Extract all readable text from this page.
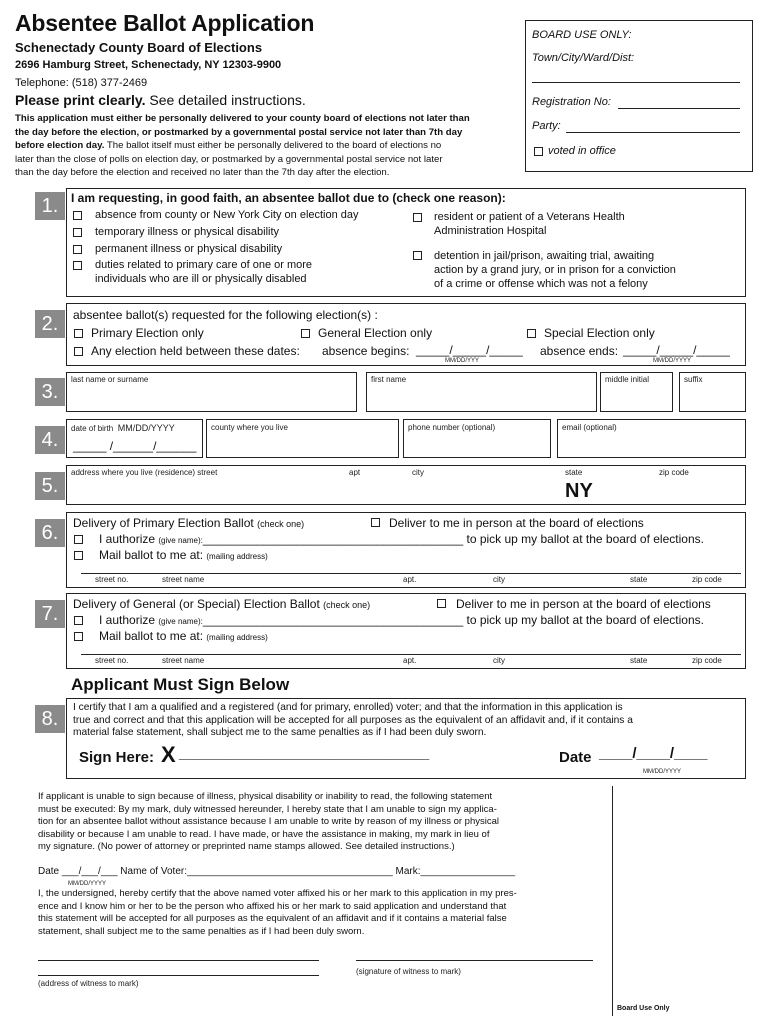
Absentee Ballot Application
Schenectady County Board of Elections
2696 Hamburg Street, Schenectady, NY 12303-9900
Telephone: (518) 377-2469
Please print clearly. See detailed instructions.
This application must either be personally delivered to your county board of elections not later than
the day before the election, or postmarked by a governmental postal service not later than 7th day
before election day. The ballot itself must either be personally delivered to the board of elections no
later than the close of polls on election day, or postmarked by a governmental postal service not later
than the day before the election and received no later than the 7th day after the election.
BOARD USE ONLY:
Town/City/Ward/Dist:
Registration No:
Party:
voted in office
1.	I am requesting, in good faith, an absentee ballot due to (check one reason):
absence from county or New York City on election day
temporary illness or physical disability
permanent illness or physical disability
duties related to primary care of one or more
individuals who are ill or physically disabled
resident or patient of a Veterans Health
Administration Hospital
detention in jail/prison, awaiting trial, awaiting
action by a grand jury, or in prison for a conviction
of a crime or offense which was not a felony
2.	absentee ballot(s) requested for the following election(s) :
Primary Election only	General Election only	Special Election only
Any election held between these dates: absence begins: _____/_____/_____
MM/DD/YYY
absence ends: _____/_____/_____
MM/DD/YYYY
3.
last name or surname	first name	middle initial	suffix
4.	date of birth MM/DD/YYYY
_____ /______/______
county where you live	phone number (optional)	email (optional)
5.
address where you live (residence) street	apt	city	state	zip code
NY
6.	Delivery of Primary Election Ballot (check one)	Deliver to me in person at the board of elections
I authorize (give name):_______________________________________ to pick up my ballot at the board of elections.
Mail ballot to me at: (mailing address)
street no.	street name	apt.	city	state	zip code
7.	Delivery of General (or Special) Election Ballot (check one)	Deliver to me in person at the board of elections
I authorize (give name):_______________________________________ to pick up my ballot at the board of elections.
Mail ballot to me at: (mailing address)
street no.	street name	apt.	city	state	zip code
Applicant Must Sign Below
8.	I certify that I am a qualified and a registered (and for primary, enrolled) voter; and that the information in this application is
true and correct and that this application will be accepted for all purposes as the equivalent of an affidavit and, if it contains a
material false statement, shall subject me to the same penalties as if I had been duly sworn.
Sign Here: X ______________________________	Date ____/____/____
MM/DD/YYYY
If applicant is unable to sign because of illness, physical disability or inability to read, the following statement
must be executed: By my mark, duly witnessed hereunder, I hereby state that I am unable to sign my applica-
tion for an absentee ballot without assistance because I am unable to write by reason of my illness or physical
disability or because I am unable to read. I have made, or have the assistance in making, my mark in lieu of
my signature. (No power of attorney or preprinted name stamps allowed. See detailed instructions.)
Date ___/___/___ Name of Voter:_____________________________________ Mark:_________________
MM/DD/YYYY
I, the undersigned, hereby certify that the above named voter affixed his or her mark to this application in my pres-
ence and I know him or her to be the person who affixed his or her mark to said application and understand that
this statement will be accepted for all purposes as the equivalent of an affidavit and if it contains a material false
statement, shall subject me to the same penalties as if I had been duly sworn.
(address of witness to mark)
(signature of witness to mark)
Board Use Only
